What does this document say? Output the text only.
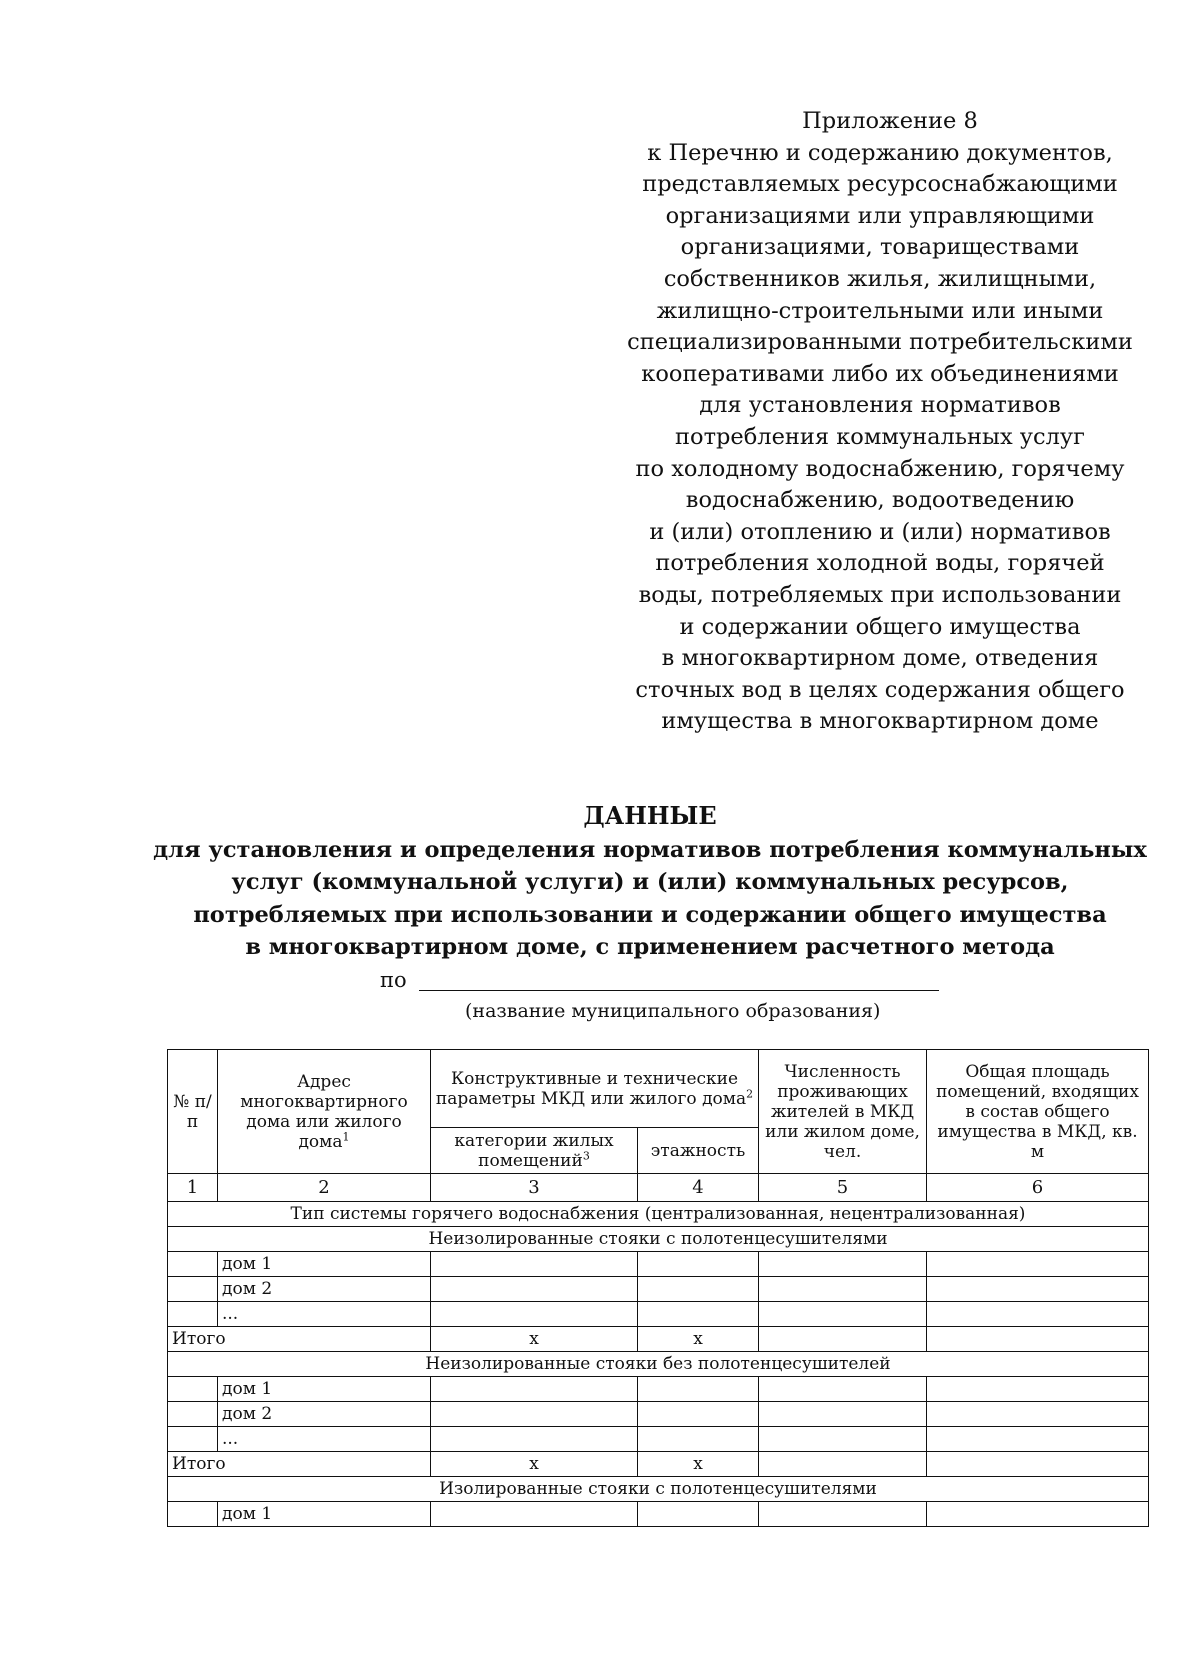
Приложение 8
к Перечню и содержанию документов,
представляемых ресурсоснабжающими
организациями или управляющими
организациями, товариществами
собственников жилья, жилищными,
жилищно-строительными или иными
специализированными потребительскими
кооперативами либо их объединениями
для установления нормативов
потребления коммунальных услуг
по холодному водоснабжению, горячему
водоснабжению, водоотведению
и (или) отоплению и (или) нормативов
потребления холодной воды, горячей
воды, потребляемых при использовании
и содержании общего имущества
в многоквартирном доме, отведения
сточных вод в целях содержания общего
имущества в многоквартирном доме
ДАННЫЕ
для установления и определения нормативов потребления коммунальных
услуг (коммунальной услуги) и (или) коммунальных ресурсов,
потребляемых при использовании и содержании общего имущества
в многоквартирном доме, с применением расчетного метода
по
(название муниципального образования)
№ п/п	Адрес многоквартирного дома или жилого дома$^1$	Конструктивные и технические параметры МКД или жилого дома$^2$		Численность проживающих жителей в МКД или жилом доме, чел.	Общая площадь помещений, входящих в состав общего имущества в МКД, кв. м
		категории жилых помещений$^3$	этажность		
1	2	3	4	5	6
Тип системы горячего водоснабжения (централизованная, нецентрализованная)					
Неизолированные стояки с полотенцесушителями					
	дом 1				
	дом 2				
	...				
Итого		х	х		
Неизолированные стояки без полотенцесушителей					
	дом 1				
	дом 2				
	...				
Итого		х	х		
Изолированные стояки с полотенцесушителями					
	дом 1				
